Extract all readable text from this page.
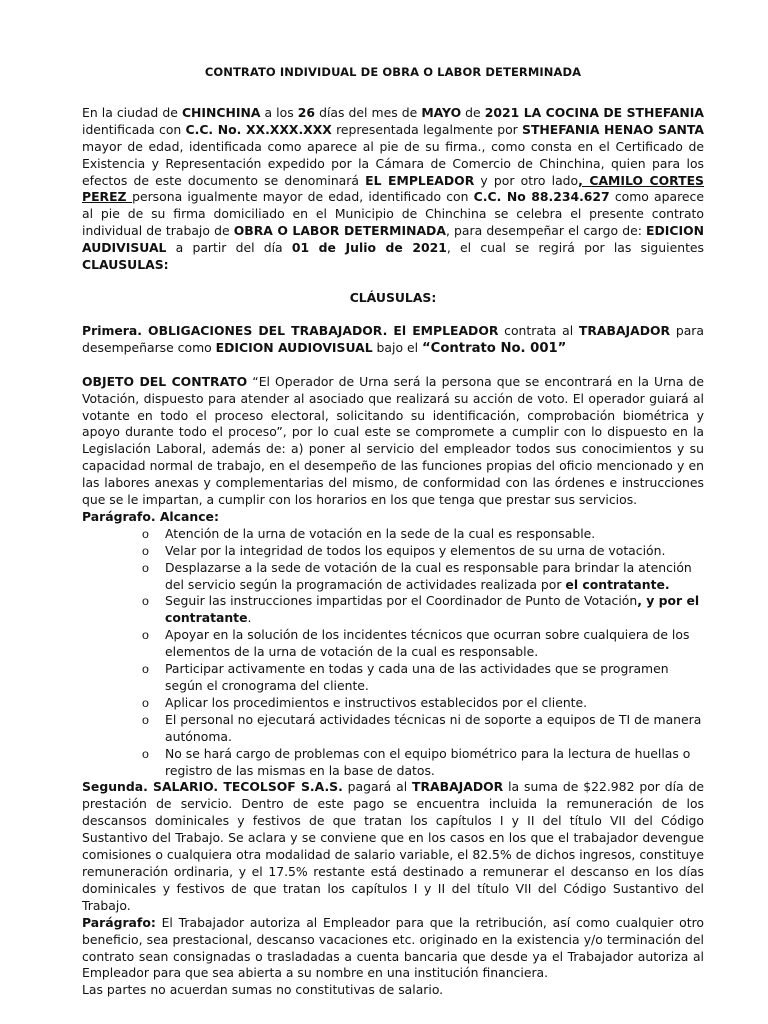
CONTRATO INDIVIDUAL DE OBRA O LABOR DETERMINADA

En la ciudad de CHINCHINA a los 26 días del mes de MAYO de 2021 LA COCINA DE STHEFANIA identificada con C.C. No. XX.XXX.XXX representada legalmente por STHEFANIA HENAO SANTA mayor de edad, identificada como aparece al pie de su firma., como consta en el Certificado de Existencia y Representación expedido por la Cámara de Comercio de Chinchina, quien para los efectos de este documento se denominará EL EMPLEADOR y por otro lado, CAMILO CORTES PEREZ persona igualmente mayor de edad, identificado con C.C. No 88.234.627 como aparece al pie de su firma domiciliado en el Municipio de Chinchina se celebra el presente contrato individual de trabajo de OBRA O LABOR DETERMINADA, para desempeñar el cargo de: EDICION AUDIVISUAL a partir del día 01 de Julio de 2021, el cual se regirá por las siguientes CLAUSULAS:

CLÁUSULAS:

Primera. OBLIGACIONES DEL TRABAJADOR. El EMPLEADOR contrata al TRABAJADOR para desempeñarse como EDICION AUDIOVISUAL bajo el “Contrato No. 001”

OBJETO DEL CONTRATO “El Operador de Urna será la persona que se encontrará en la Urna de Votación, dispuesto para atender al asociado que realizará su acción de voto. El operador guiará al votante en todo el proceso electoral, solicitando su identificación, comprobación biométrica y apoyo durante todo el proceso”, por lo cual este se compromete a cumplir con lo dispuesto en la Legislación Laboral, además de: a) poner al servicio del empleador todos sus conocimientos y su capacidad normal de trabajo, en el desempeño de las funciones propias del oficio mencionado y en las labores anexas y complementarias del mismo, de conformidad con las órdenes e instrucciones que se le impartan, a cumplir con los horarios en los que tenga que prestar sus servicios.

Parágrafo. Alcance:

o Atención de la urna de votación en la sede de la cual es responsable.
o Velar por la integridad de todos los equipos y elementos de su urna de votación.
o Desplazarse a la sede de votación de la cual es responsable para brindar la atención del servicio según la programación de actividades realizada por el contratante.
o Seguir las instrucciones impartidas por el Coordinador de Punto de Votación, y por el contratante.
o Apoyar en la solución de los incidentes técnicos que ocurran sobre cualquiera de los elementos de la urna de votación de la cual es responsable.
o Participar activamente en todas y cada una de las actividades que se programen según el cronograma del cliente.
o Aplicar los procedimientos e instructivos establecidos por el cliente.
o El personal no ejecutará actividades técnicas ni de soporte a equipos de TI de manera autónoma.
o No se hará cargo de problemas con el equipo biométrico para la lectura de huellas o registro de las mismas en la base de datos.

Segunda. SALARIO. TECOLSOF S.A.S. pagará al TRABAJADOR la suma de $22.982 por día de prestación de servicio. Dentro de este pago se encuentra incluida la remuneración de los descansos dominicales y festivos de que tratan los capítulos I y II del título VII del Código Sustantivo del Trabajo. Se aclara y se conviene que en los casos en los que el trabajador devengue comisiones o cualquiera otra modalidad de salario variable, el 82.5% de dichos ingresos, constituye remuneración ordinaria, y el 17.5% restante está destinado a remunerar el descanso en los días dominicales y festivos de que tratan los capítulos I y II del título VII del Código Sustantivo del Trabajo.

Parágrafo: El Trabajador autoriza al Empleador para que la retribución, así como cualquier otro beneficio, sea prestacional, descanso vacaciones etc. originado en la existencia y/o terminación del contrato sean consignadas o trasladadas a cuenta bancaria que desde ya el Trabajador autoriza al Empleador para que sea abierta a su nombre en una institución financiera.

Las partes no acuerdan sumas no constitutivas de salario.
